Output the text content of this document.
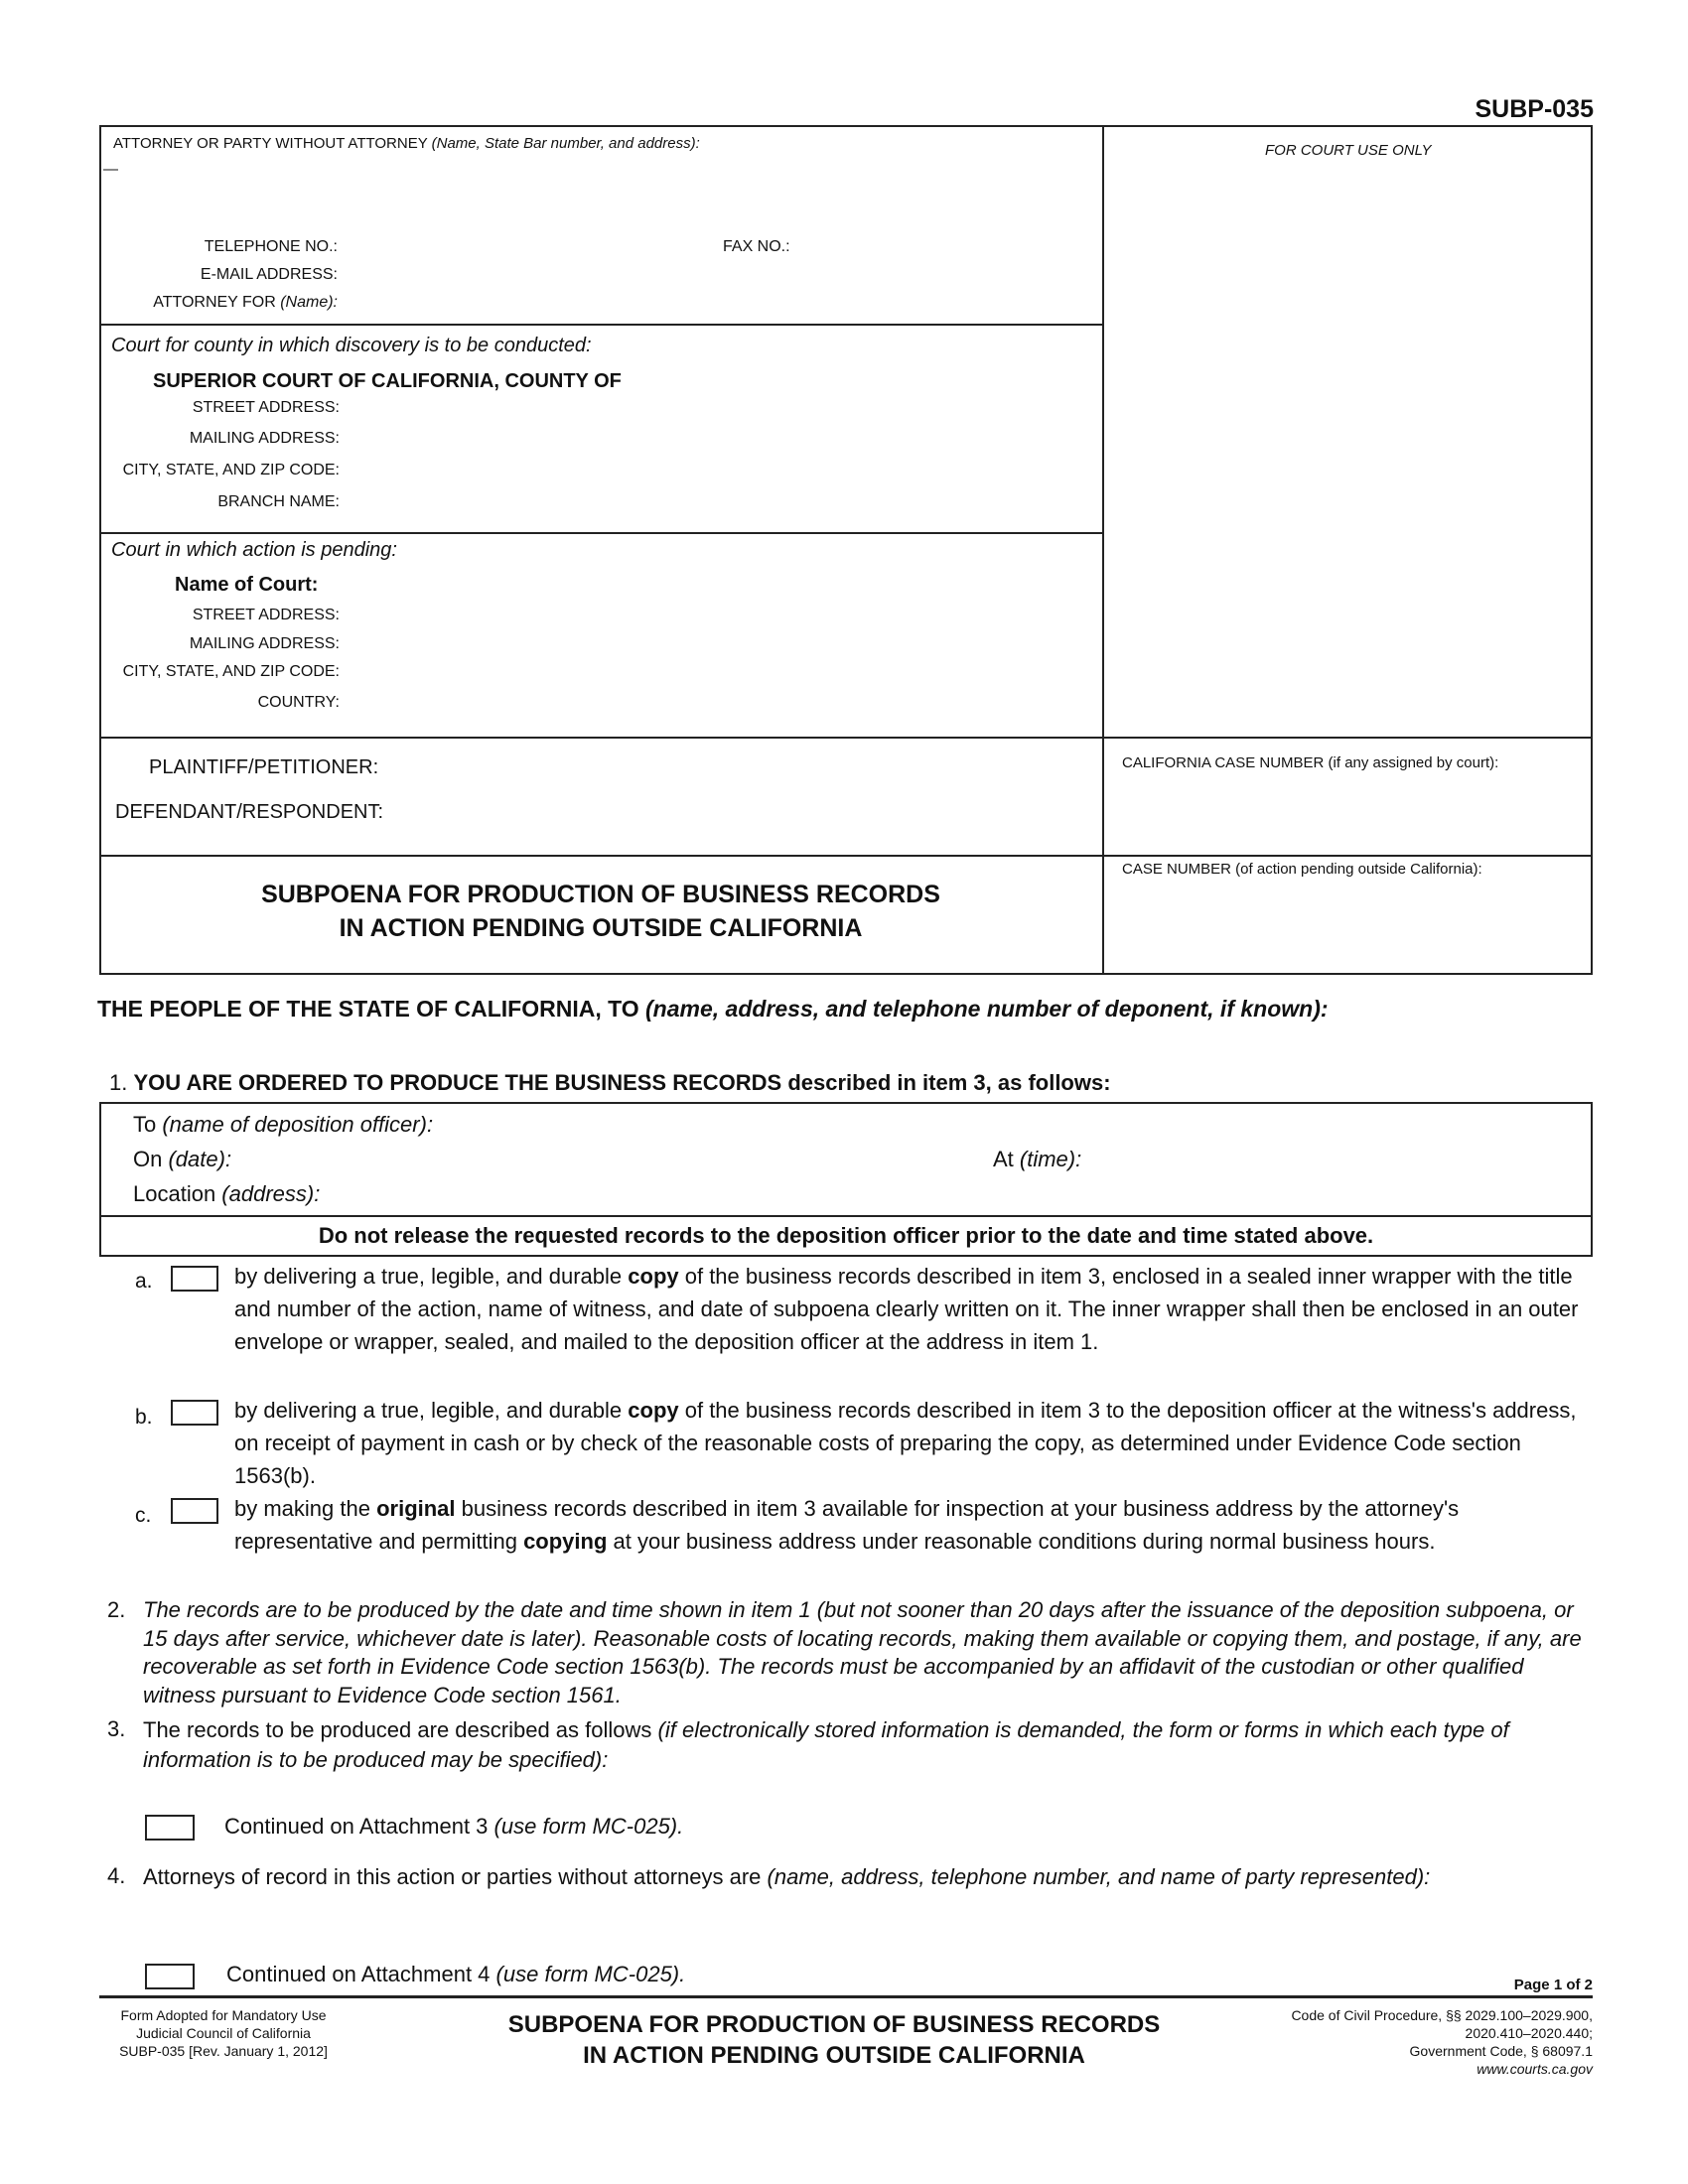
SUBP-035
ATTORNEY OR PARTY WITHOUT ATTORNEY (Name, State Bar number, and address):
—
FOR COURT USE ONLY
TELEPHONE NO.:	FAX NO.:
E-MAIL ADDRESS:
ATTORNEY FOR (Name):
Court for county in which discovery is to be conducted:
SUPERIOR COURT OF CALIFORNIA, COUNTY OF
STREET ADDRESS:
MAILING ADDRESS:
CITY, STATE, AND ZIP CODE:
BRANCH NAME:
Court in which action is pending:
Name of Court:
STREET ADDRESS:
MAILING ADDRESS:
CITY, STATE, AND ZIP CODE:
COUNTRY:
PLAINTIFF/PETITIONER:
DEFENDANT/RESPONDENT:
CALIFORNIA CASE NUMBER (if any assigned by court):
CASE NUMBER (of action pending outside California):
SUBPOENA FOR PRODUCTION OF BUSINESS RECORDS
IN ACTION PENDING OUTSIDE CALIFORNIA
THE PEOPLE OF THE STATE OF CALIFORNIA, TO (name, address, and telephone number of deponent, if known):
1. YOU ARE ORDERED TO PRODUCE THE BUSINESS RECORDS described in item 3, as follows:
To (name of deposition officer):
On (date):	At (time):
Location (address):
Do not release the requested records to the deposition officer prior to the date and time stated above.
a.	by delivering a true, legible, and durable copy of the business records described in item 3, enclosed in a sealed inner wrapper with the title and number of the action, name of witness, and date of subpoena clearly written on it. The inner wrapper shall then be enclosed in an outer envelope or wrapper, sealed, and mailed to the deposition officer at the address in item 1.

b.	by delivering a true, legible, and durable copy of the business records described in item 3 to the deposition officer at the witness's address, on receipt of payment in cash or by check of the reasonable costs of preparing the copy, as determined under Evidence Code section 1563(b).

c.	by making the original business records described in item 3 available for inspection at your business address by the attorney's representative and permitting copying at your business address under reasonable conditions during normal business hours.

2. The records are to be produced by the date and time shown in item 1 (but not sooner than 20 days after the issuance of the deposition subpoena, or 15 days after service, whichever date is later). Reasonable costs of locating records, making them available or copying them, and postage, if any, are recoverable as set forth in Evidence Code section 1563(b). The records must be accompanied by an affidavit of the custodian or other qualified witness pursuant to Evidence Code section 1561.
3. The records to be produced are described as follows (if electronically stored information is demanded, the form or forms in which each type of information is to be produced may be specified):

Continued on Attachment 3 (use form MC-025).
4. Attorneys of record in this action or parties without attorneys are (name, address, telephone number, and name of party represented):

Continued on Attachment 4 (use form MC-025).	Page 1 of 2
Form Adopted for Mandatory Use
Judicial Council of California
SUBP-035 [Rev. January 1, 2012]
SUBPOENA FOR PRODUCTION OF BUSINESS RECORDS
IN ACTION PENDING OUTSIDE CALIFORNIA
Code of Civil Procedure, §§ 2029.100–2029.900,
2020.410–2020.440;
Government Code, § 68097.1
www.courts.ca.gov
